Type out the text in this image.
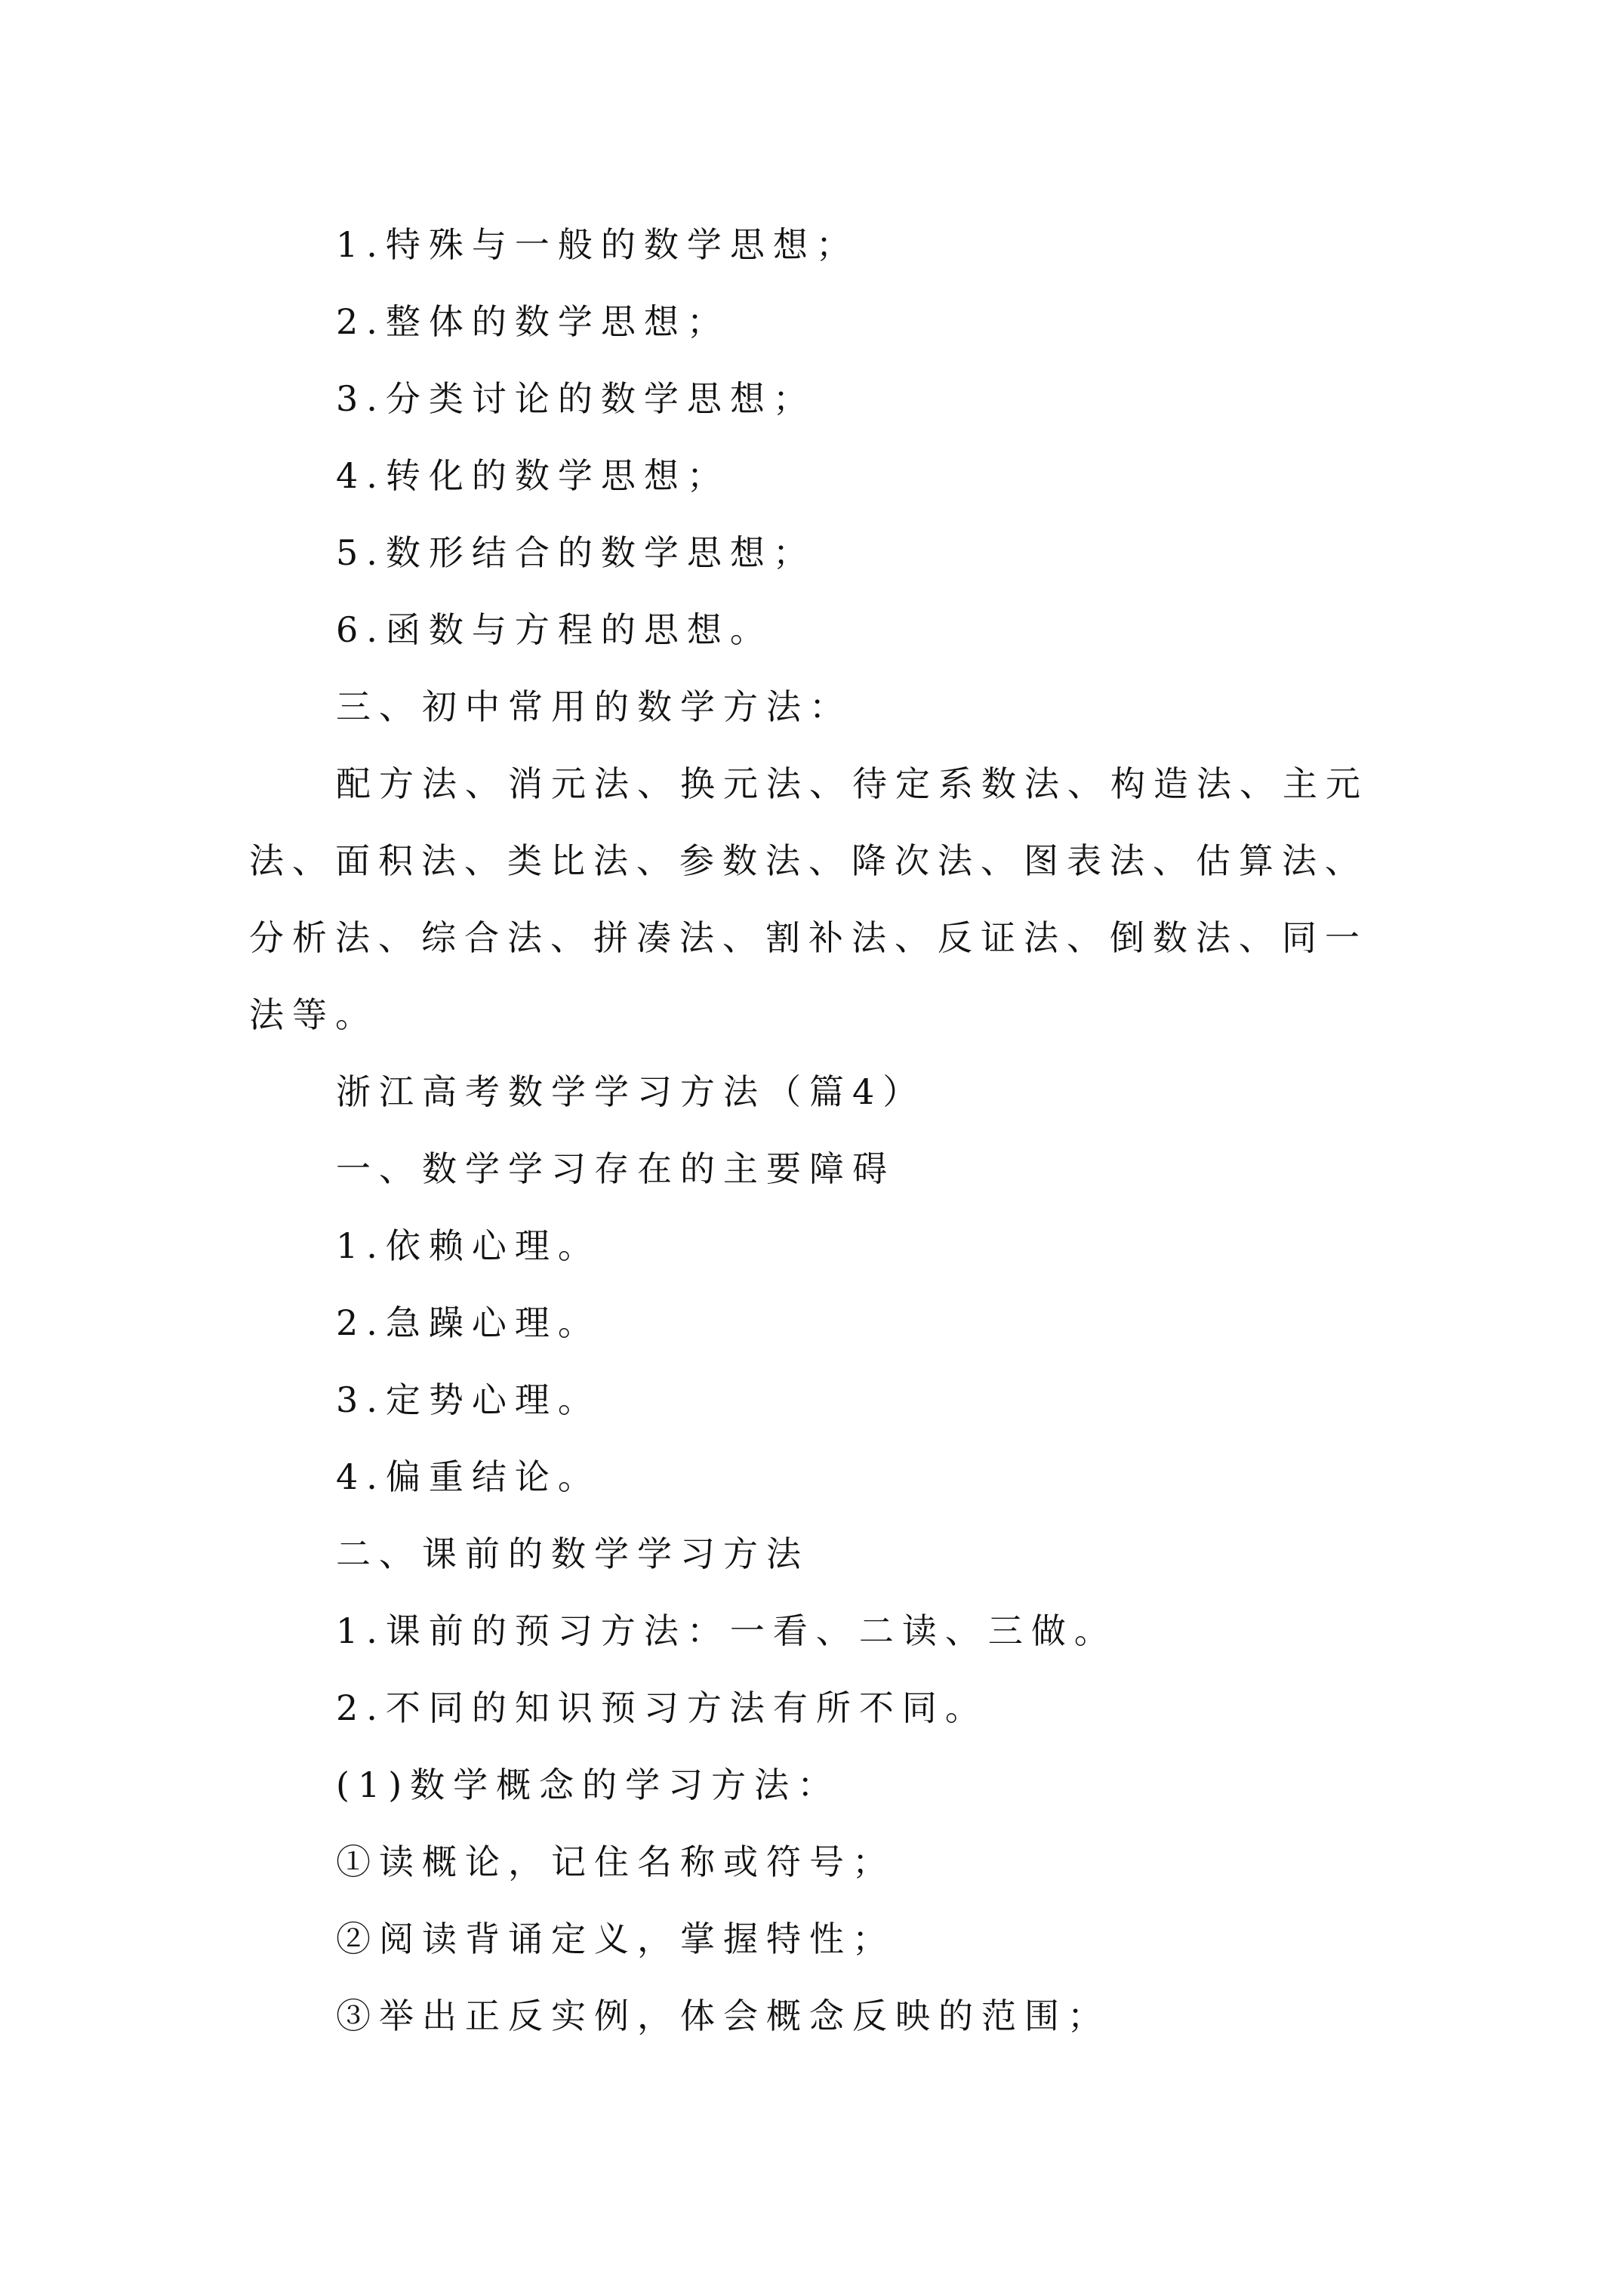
1.特殊与一般的数学思想；
2.整体的数学思想；
3.分类讨论的数学思想；
4.转化的数学思想；
5.数形结合的数学思想；
6.函数与方程的思想。
三、初中常用的数学方法：
配方法、消元法、换元法、待定系数法、构造法、主元
法、面积法、类比法、参数法、降次法、图表法、估算法、
分析法、综合法、拼凑法、割补法、反证法、倒数法、同一
法等。
浙江高考数学学习方法（篇4）
一、数学学习存在的主要障碍
1.依赖心理。
2.急躁心理。
3.定势心理。
4.偏重结论。
二、课前的数学学习方法
1.课前的预习方法：一看、二读、三做。
2.不同的知识预习方法有所不同。
(1)数学概念的学习方法：
①读概论，记住名称或符号；
②阅读背诵定义，掌握特性；
③举出正反实例，体会概念反映的范围；
